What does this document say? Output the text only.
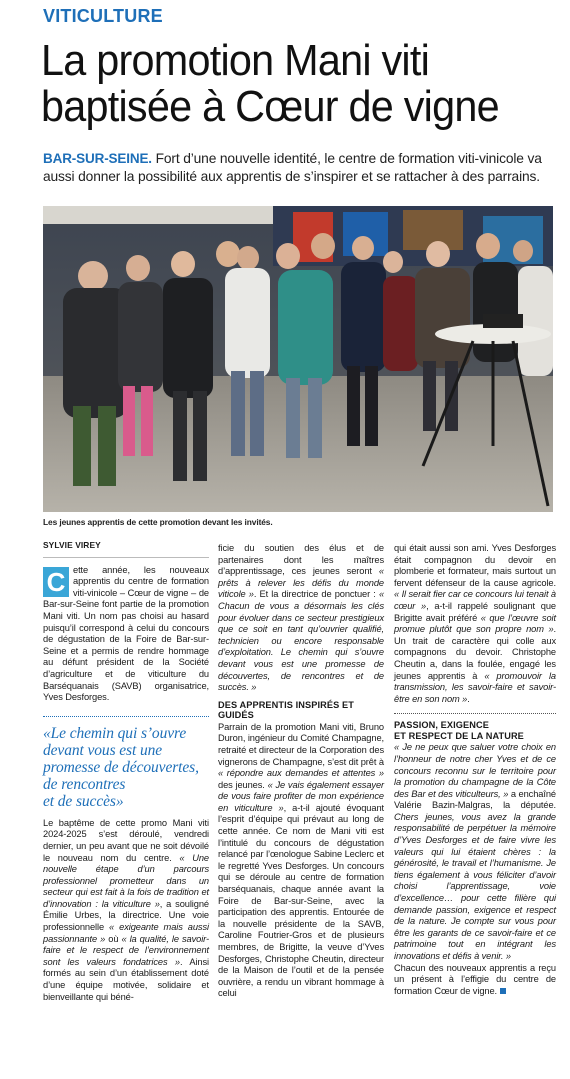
VITICULTURE
La promotion Mani viti
baptisée à Cœur de vigne

BAR-SUR-SEINE. Fort d’une nouvelle identité, le centre de formation viti-vinicole va aussi donner la possibilité aux apprentis de s’inspirer et se rattacher à des parrains.

Les jeunes apprentis de cette promotion devant les invités.
SYLVIE VIREY

C ette année, les nouveaux apprentis du centre de formation viti-vinicole – Cœur de vigne – de Bar-sur-Seine font partie de la promotion Mani viti. Un nom pas choisi au hasard puisqu’il correspond à celui du concours de dégustation de la Foire de Bar-sur-Seine et a permis de rendre hommage au défunt président de la Société d’agriculture et de viticulture du Barséquanais (SAVB) organisatrice, Yves Desforges.

«Le chemin qui s’ouvre
devant vous est une
promesse de découvertes,
de rencontres
et de succès»

Le baptême de cette promo Mani viti 2024-2025 s’est déroulé, vendredi dernier, un peu avant que ne soit dévoilé le nouveau nom du centre. « Une nouvelle étape d’un parcours professionnel prometteur dans un secteur qui est fait à la fois de tradition et d’innovation : la viticulture », a souligné Émilie Urbes, la directrice. Une voie professionnelle « exigeante mais aussi passionnante » où « la qualité, le savoir-faire et le respect de l’environnement sont les valeurs fondatrices ». Ainsi formés au sein d’un établissement doté d’une équipe motivée, solidaire et bienveillante qui béné-

ficie du soutien des élus et de partenaires dont les maîtres d’apprentissage, ces jeunes seront « prêts à relever les défis du monde viticole ». Et la directrice de ponctuer : « Chacun de vous a désormais les clés pour évoluer dans ce secteur prestigieux que ce soit en tant qu’ouvrier qualifié, technicien ou encore responsable d’exploitation. Le chemin qui s’ouvre devant vous est une promesse de découvertes, de rencontres et de succès. »

DES APPRENTIS INSPIRÉS ET GUIDÉS

Parrain de la promotion Mani viti, Bruno Duron, ingénieur du Comité Champagne, retraité et directeur de la Corporation des vignerons de Champagne, s’est dit prêt à « répondre aux demandes et attentes » des jeunes. « Je vais également essayer de vous faire profiter de mon expérience en viticulture », a-t-il ajouté évoquant l’esprit d’équipe qui prévaut au long de cette année. Ce nom de Mani viti est l’intitulé du concours de dégustation relancé par l’œnologue Sabine Leclerc et le regretté Yves Desforges. Un concours qui se déroule au centre de formation barséquanais, chaque année avant la Foire de Bar-sur-Seine, avec la participation des apprentis. Entourée de la nouvelle présidente de la SAVB, Caroline Foutrier-Gros et de plusieurs membres, de Brigitte, la veuve d’Yves Desforges, Christophe Cheutin, directeur de la Maison de l’outil et de la pensée ouvrière, a rendu un vibrant hommage à celui

qui était aussi son ami. Yves Desforges était compagnon du devoir en plomberie et formateur, mais surtout un fervent défenseur de la cause agricole. « Il serait fier car ce concours lui tenait à cœur », a-t-il rappelé soulignant que Brigitte avait préféré « que l’œuvre soit promue plutôt que son propre nom ». Un trait de caractère qui colle aux compagnons du devoir. Christophe Cheutin a, dans la foulée, engagé les jeunes apprentis à « promouvoir la transmission, les savoir-faire et savoir-être en son nom ».

PASSION, EXIGENCE
ET RESPECT DE LA NATURE

« Je ne peux que saluer votre choix en l’honneur de notre cher Yves et de ce concours reconnu sur le territoire pour la promotion du champagne de la Côte des Bar et des viticulteurs, » a enchaîné Valérie Bazin-Malgras, la députée. Chers jeunes, vous avez la grande responsabilité de perpétuer la mémoire d’Yves Desforges et de faire vivre les valeurs qui lui étaient chères : la générosité, le travail et l’humanisme. Je tiens également à vous féliciter d’avoir choisi l’apprentissage, voie d’excellence… pour cette filière qui demande passion, exigence et respect de la nature. Je compte sur vous pour être les garants de ce savoir-faire et ce patrimoine tout en intégrant les innovations et défis à venir. »

Chacun des nouveaux apprentis a reçu un présent à l’effigie du centre de formation Cœur de vigne.
